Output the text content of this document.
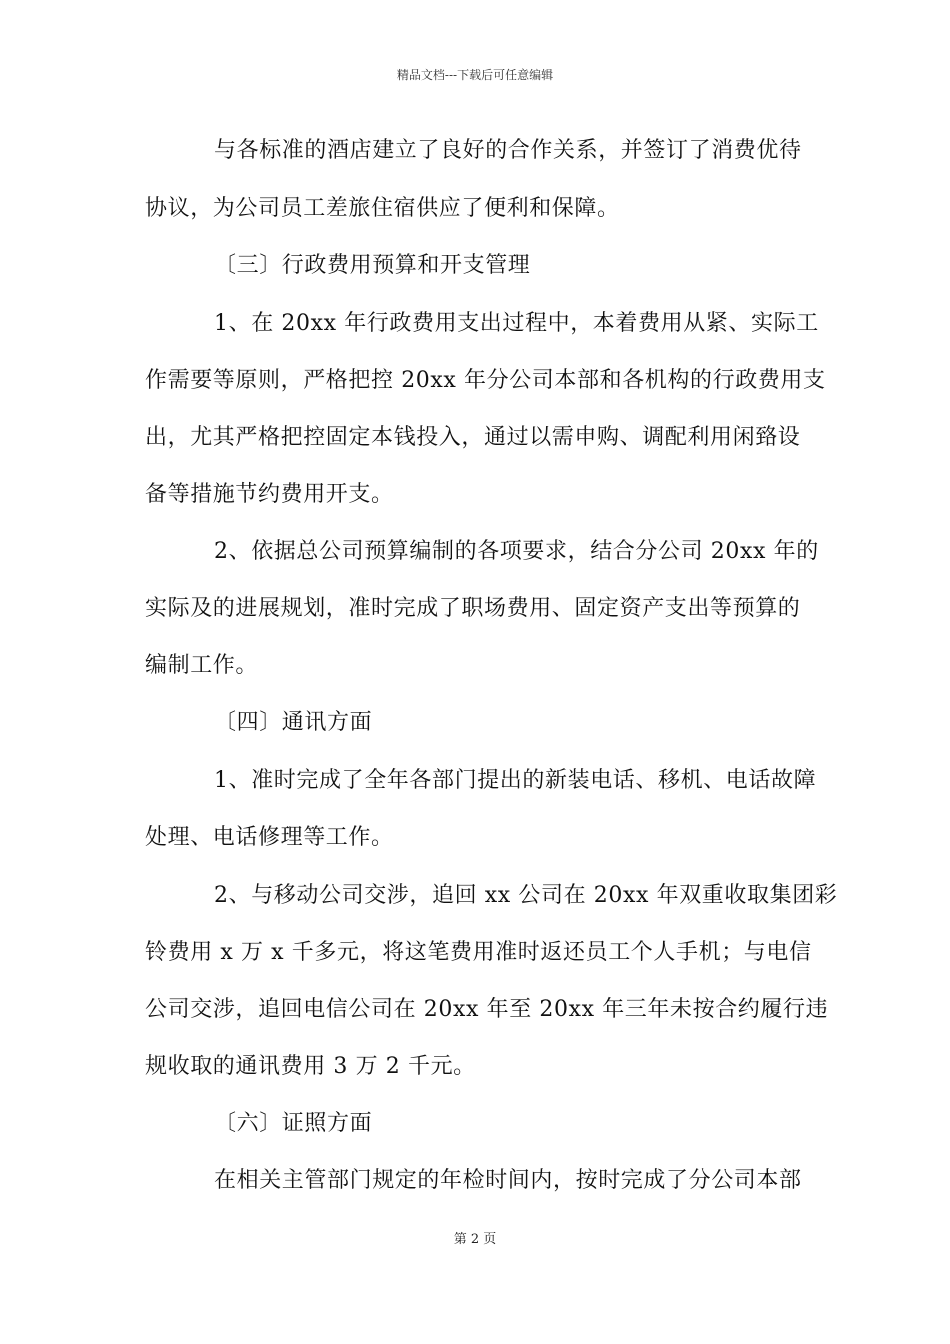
精品文档---下载后可任意编辑
与各标准的酒店建立了良好的合作关系，并签订了消费优待
协议，为公司员工差旅住宿供应了便利和保障。
〔三〕行政费用预算和开支管理
1、在 20xx 年行政费用支出过程中，本着费用从紧、实际工
作需要等原则，严格把控 20xx 年分公司本部和各机构的行政费用支
出，尤其严格把控固定本钱投入，通过以需申购、调配利用闲臵设
备等措施节约费用开支。
2、依据总公司预算编制的各项要求，结合分公司 20xx 年的
实际及的进展规划，准时完成了职场费用、固定资产支出等预算的
编制工作。
〔四〕通讯方面
1、准时完成了全年各部门提出的新装电话、移机、电话故障
处理、电话修理等工作。
2、与移动公司交涉，追回 xx 公司在 20xx 年双重收取集团彩
铃费用 x 万 x 千多元，将这笔费用准时返还员工个人手机；与电信
公司交涉，追回电信公司在 20xx 年至 20xx 年三年未按合约履行违
规收取的通讯费用 3 万 2 千元。
〔六〕证照方面
在相关主管部门规定的年检时间内，按时完成了分公司本部
第 2 页
